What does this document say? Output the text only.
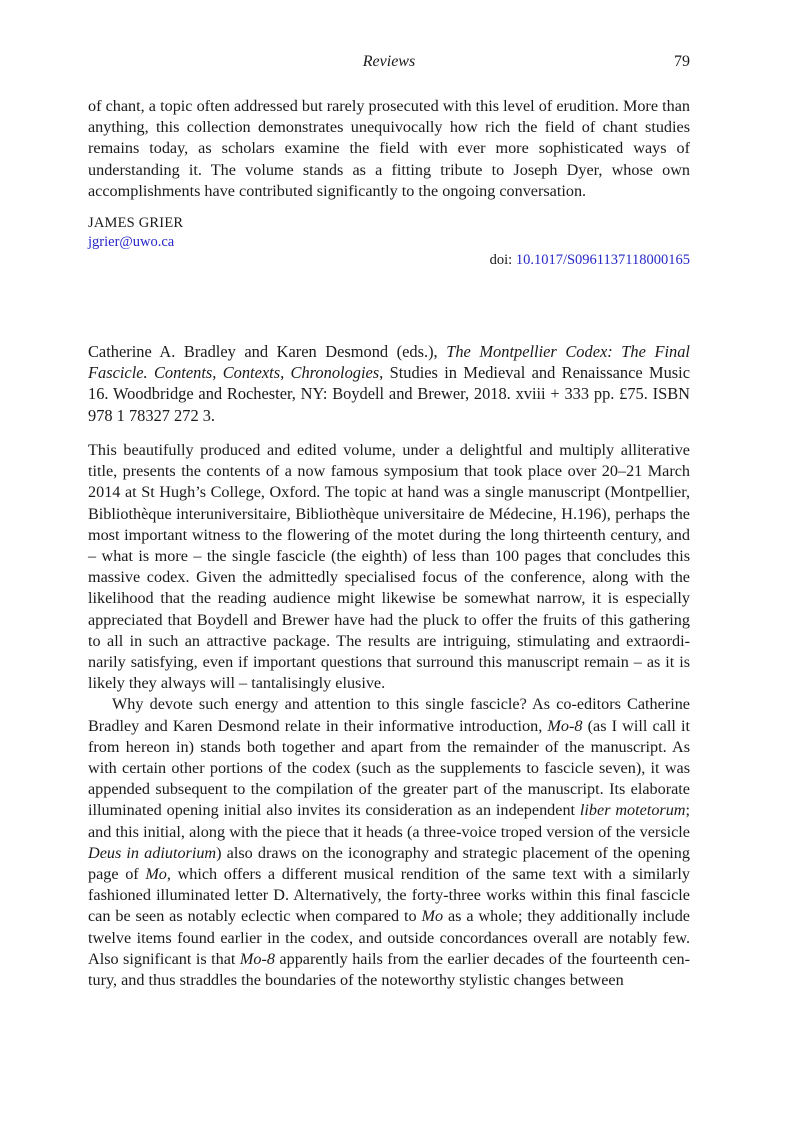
Reviews	79

of chant, a topic often addressed but rarely prosecuted with this level of erudition. More than anything, this collection demonstrates unequivocally how rich the field of chant studies remains today, as scholars examine the field with ever more sophisticated ways of understanding it. The volume stands as a fitting tribute to Joseph Dyer, whose own accomplishments have contributed significantly to the ongoing conversation.

JAMES GRIER
jgrier@uwo.ca
doi: 10.1017/S0961137118000165

Catherine A. Bradley and Karen Desmond (eds.), The Montpellier Codex: The Final Fascicle. Contents, Contexts, Chronologies, Studies in Medieval and Renaissance Music 16. Woodbridge and Rochester, NY: Boydell and Brewer, 2018. xviii + 333 pp. £75. ISBN 978 1 78327 272 3.

This beautifully produced and edited volume, under a delightful and multiply alliterative title, presents the contents of a now famous symposium that took place over 20–21 March 2014 at St Hugh’s College, Oxford. The topic at hand was a single manuscript (Montpellier, Bibliothèque interuniversitaire, Bibliothèque universitaire de Médecine, H.196), perhaps the most important witness to the flowering of the motet during the long thirteenth century, and – what is more – the single fascicle (the eighth) of less than 100 pages that concludes this massive codex. Given the admittedly specialised focus of the conference, along with the likelihood that the reading audience might likewise be somewhat narrow, it is especially appreciated that Boydell and Brewer have had the pluck to offer the fruits of this gathering to all in such an attractive package. The results are intriguing, stimulating and extraordinarily satisfying, even if important questions that surround this manuscript remain – as it is likely they always will – tantalisingly elusive.

Why devote such energy and attention to this single fascicle? As co-editors Catherine Bradley and Karen Desmond relate in their informative introduction, Mo-8 (as I will call it from hereon in) stands both together and apart from the remainder of the manuscript. As with certain other portions of the codex (such as the supplements to fascicle seven), it was appended subsequent to the compilation of the greater part of the manuscript. Its elaborate illuminated opening initial also invites its consideration as an independent liber motetorum; and this initial, along with the piece that it heads (a three-voice troped version of the versicle Deus in adiutorium) also draws on the iconography and strategic placement of the opening page of Mo, which offers a different musical rendition of the same text with a similarly fashioned illuminated letter D. Alternatively, the forty-three works within this final fascicle can be seen as notably eclectic when compared to Mo as a whole; they additionally include twelve items found earlier in the codex, and outside concordances overall are notably few. Also significant is that Mo-8 apparently hails from the earlier decades of the fourteenth century, and thus straddles the boundaries of the noteworthy stylistic changes between
